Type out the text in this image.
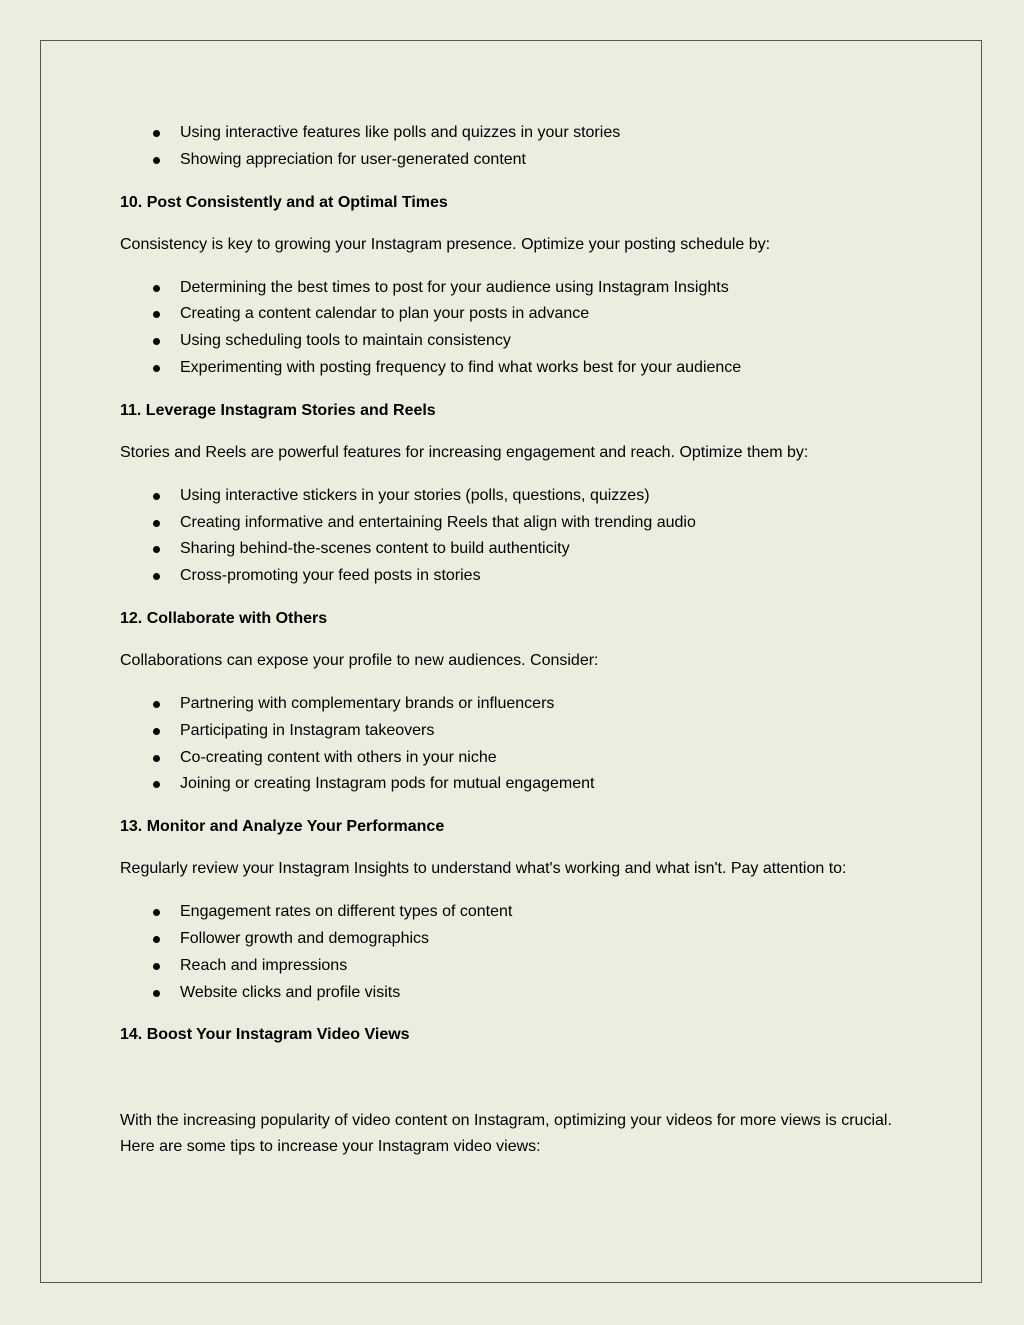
Using interactive features like polls and quizzes in your stories
Showing appreciation for user-generated content
10. Post Consistently and at Optimal Times

Consistency is key to growing your Instagram presence. Optimize your posting schedule by:

Determining the best times to post for your audience using Instagram Insights
Creating a content calendar to plan your posts in advance
Using scheduling tools to maintain consistency
Experimenting with posting frequency to find what works best for your audience
11. Leverage Instagram Stories and Reels

Stories and Reels are powerful features for increasing engagement and reach. Optimize them by:

Using interactive stickers in your stories (polls, questions, quizzes)
Creating informative and entertaining Reels that align with trending audio
Sharing behind-the-scenes content to build authenticity
Cross-promoting your feed posts in stories
12. Collaborate with Others

Collaborations can expose your profile to new audiences. Consider:

Partnering with complementary brands or influencers
Participating in Instagram takeovers
Co-creating content with others in your niche
Joining or creating Instagram pods for mutual engagement
13. Monitor and Analyze Your Performance

Regularly review your Instagram Insights to understand what's working and what isn't. Pay attention to:

Engagement rates on different types of content
Follower growth and demographics
Reach and impressions
Website clicks and profile visits
14. Boost Your Instagram Video Views

With the increasing popularity of video content on Instagram, optimizing your videos for more views is crucial. Here are some tips to increase your Instagram video views:
